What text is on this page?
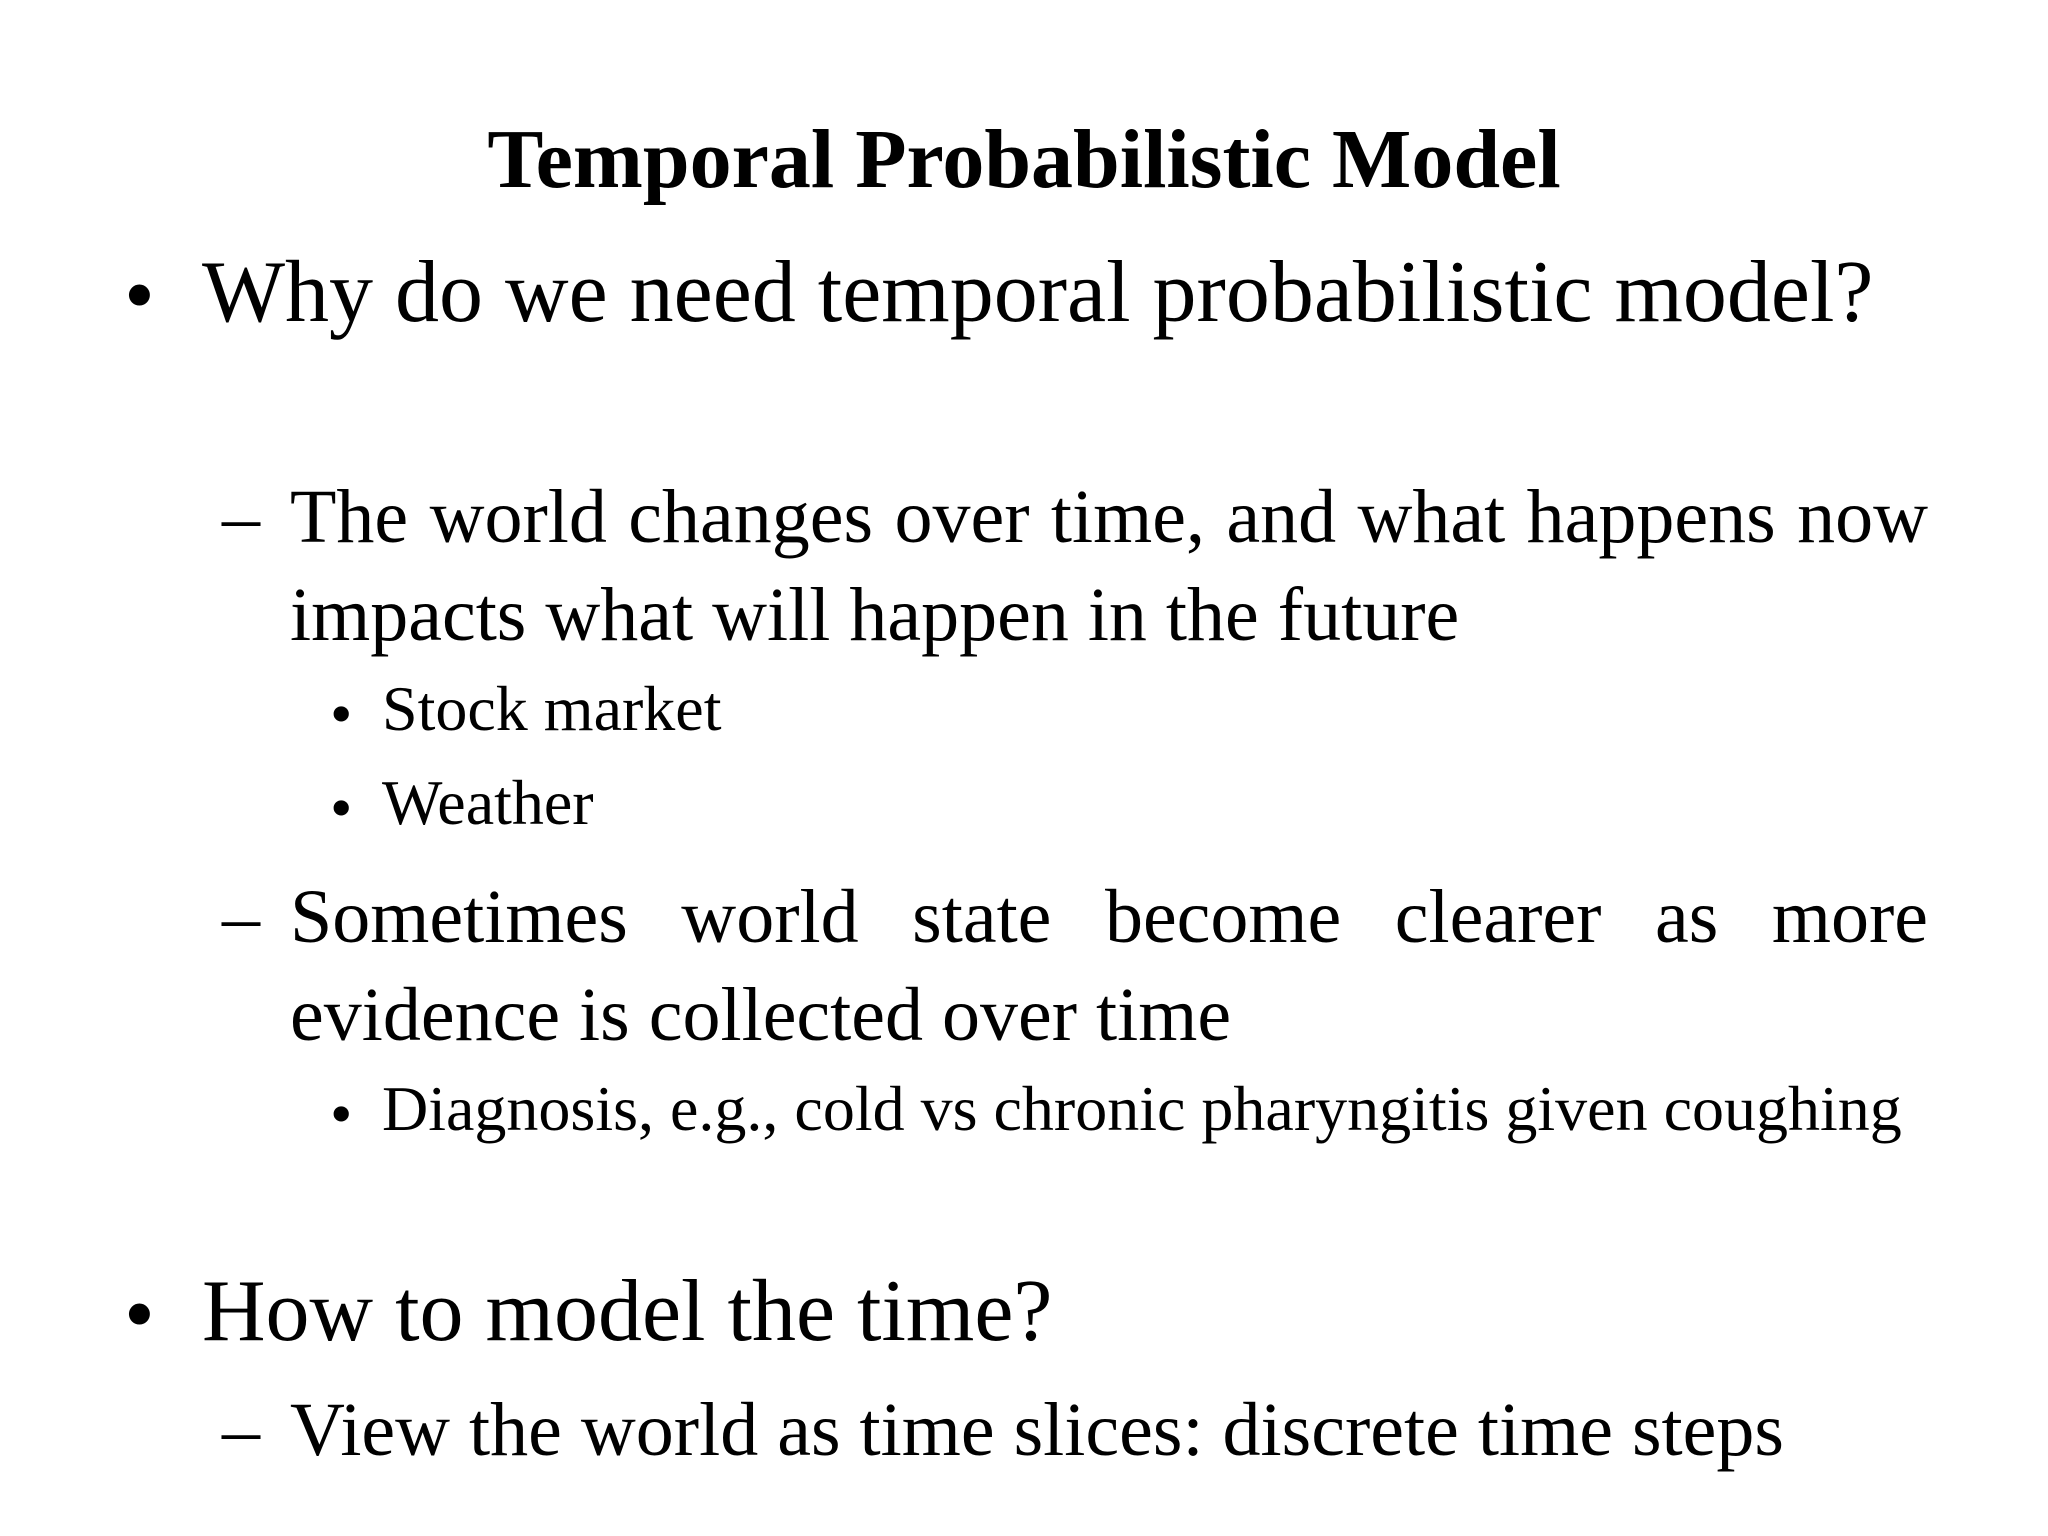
Temporal Probabilistic Model
• Why do we need temporal probabilistic model?
– The world changes over time, and what happens now impacts what will happen in the future
• Stock market
• Weather
– Sometimes world state become clearer as more evidence is collected over time
• Diagnosis, e.g., cold vs chronic pharyngitis given coughing
• How to model the time?
– View the world as time slices: discrete time steps
